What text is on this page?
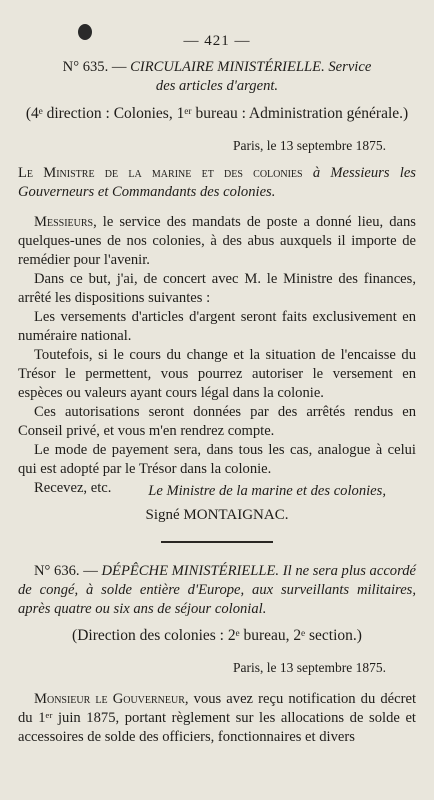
— 421 —
N° 635. — CIRCULAIRE MINISTÉRIELLE. Service
des articles d'argent.
(4ᵉ direction : Colonies, 1ᵉʳ bureau : Administration générale.)
Paris, le 13 septembre 1875.
Le Ministre de la marine et des colonies à Messieurs les Gouverneurs et Commandants des colonies.

Messieurs, le service des mandats de poste a donné lieu, dans quelques-unes de nos colonies, à des abus auxquels il importe de remédier pour l'avenir.

Dans ce but, j'ai, de concert avec M. le Ministre des finances, arrêté les dispositions suivantes :

Les versements d'articles d'argent seront faits exclusivement en numéraire national.

Toutefois, si le cours du change et la situation de l'encaisse du Trésor le permettent, vous pourrez autoriser le versement en espèces ou valeurs ayant cours légal dans la colonie.

Ces autorisations seront données par des arrêtés rendus en Conseil privé, et vous m'en rendrez compte.

Le mode de payement sera, dans tous les cas, analogue à celui qui est adopté par le Trésor dans la colonie.

Recevez, etc.	Le Ministre de la marine et des colonies,
Signé MONTAIGNAC.

N° 636. — DÉPÊCHE MINISTÉRIELLE. Il ne sera plus accordé de congé, à solde entière d'Europe, aux surveillants militaires, après quatre ou six ans de séjour colonial.

(Direction des colonies : 2ᵉ bureau, 2ᵉ section.)
Paris, le 13 septembre 1875.

Monsieur le Gouverneur, vous avez reçu notification du décret du 1ᵉʳ juin 1875, portant règlement sur les allocations de solde et accessoires de solde des officiers, fonctionnaires et divers
